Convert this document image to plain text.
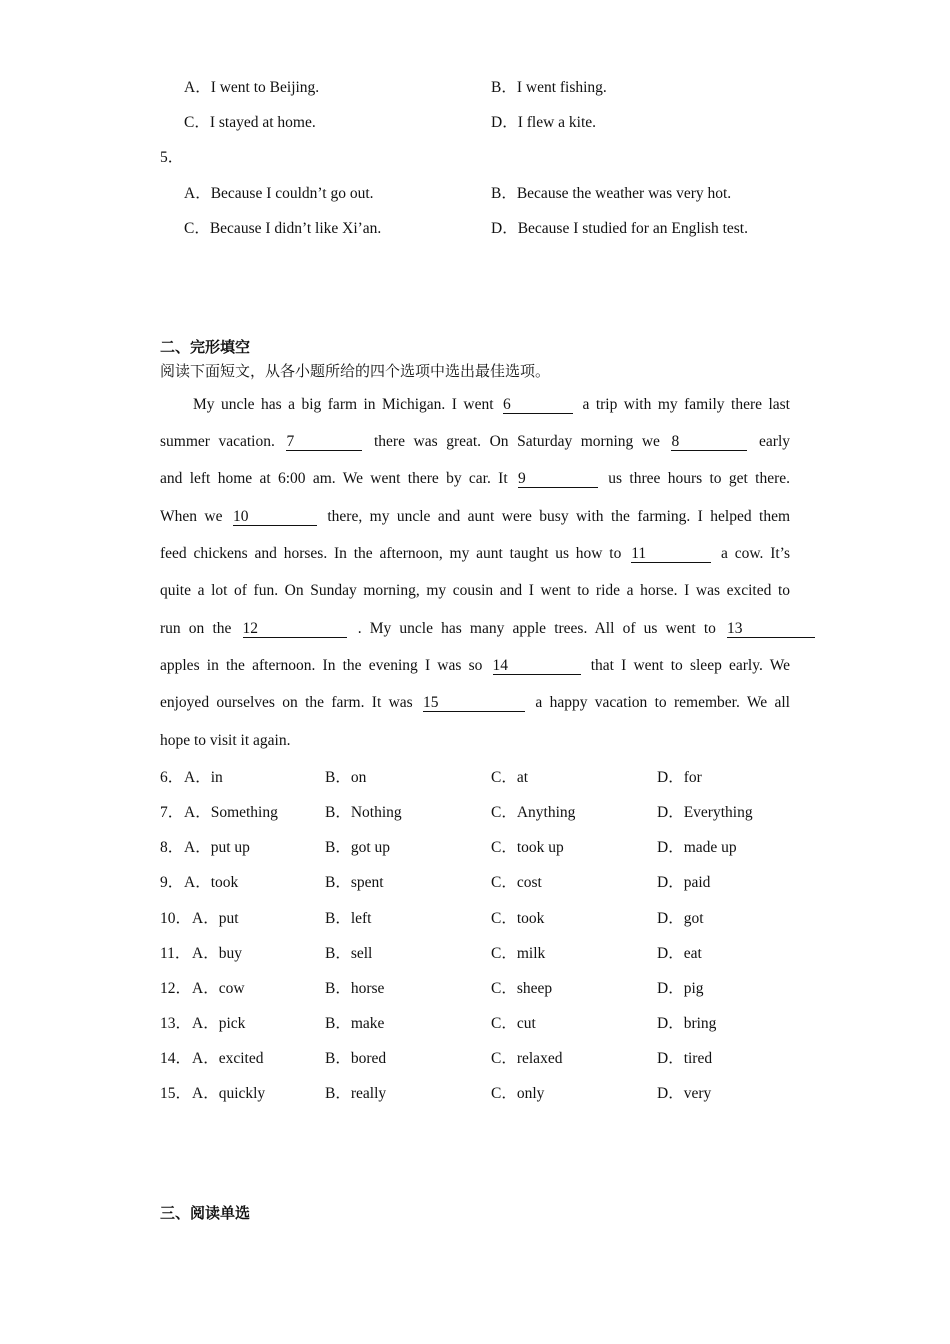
A．I went to Beijing.	B．I went fishing.
C．I stayed at home.	D．I flew a kite.
5．
A．Because I couldn’t go out.	B．Because the weather was very hot.
C．Because I didn’t like Xi’an.	D．Because I studied for an English test.
二、完形填空
阅读下面短文，从各小题所给的四个选项中选出最佳选项。
My uncle has a big farm in Michigan. I went 6	a trip with my family there last
summer vacation. 7	there was great. On Saturday morning we 8	early
and left home at 6:00 am. We went there by car. It 9	us three hours to get there.
When we 10	there, my uncle and aunt were busy with the farming. I helped them
feed chickens and horses. In the afternoon, my aunt taught us how to 11	a cow. It’s
quite a lot of fun. On Sunday morning, my cousin and I went to ride a horse. I was excited to
run on the 12	. My uncle has many apple trees. All of us went to 13
apples in the afternoon. In the evening I was so 14	that I went to sleep early. We
enjoyed ourselves on the farm. It was 15	a happy vacation to remember. We all
hope to visit it again.
6． A．in	B．on	C．at	D．for
7． A．Something	B．Nothing	C．Anything	D．Everything
8． A．put up	B．got up	C．took up	D．made up
9． A．took	B．spent	C．cost	D．paid
10． A．put	B．left	C．took	D．got
11． A．buy	B．sell	C．milk	D．eat
12． A．cow	B．horse	C．sheep	D．pig
13． A．pick	B．make	C．cut	D．bring
14． A．excited	B．bored	C．relaxed	D．tired
15． A．quickly	B．really	C．only	D．very
三、阅读单选
